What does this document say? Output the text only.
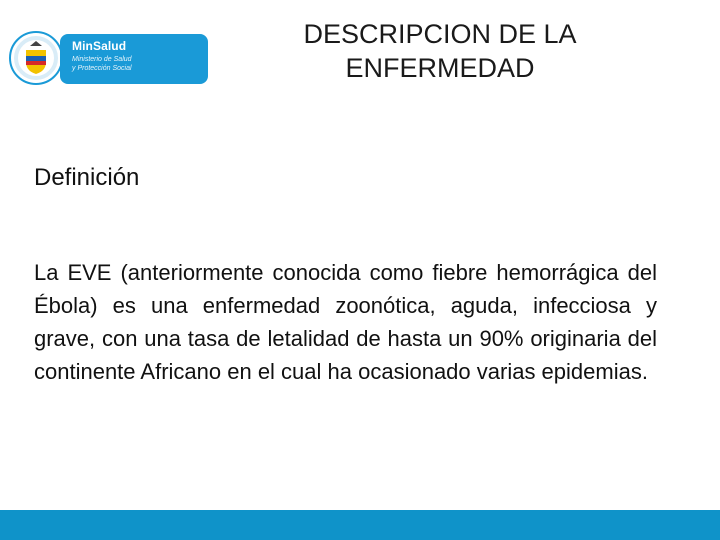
MinSalud
Ministerio de Salud
y Protección Social
DESCRIPCION DE LA ENFERMEDAD
Definición

La EVE (anteriormente conocida como fiebre hemorrágica del Ébola) es una enfermedad zoonótica, aguda, infecciosa y grave, con una tasa de letalidad de hasta un 90% originaria del continente Africano en el cual ha ocasionado varias epidemias.
